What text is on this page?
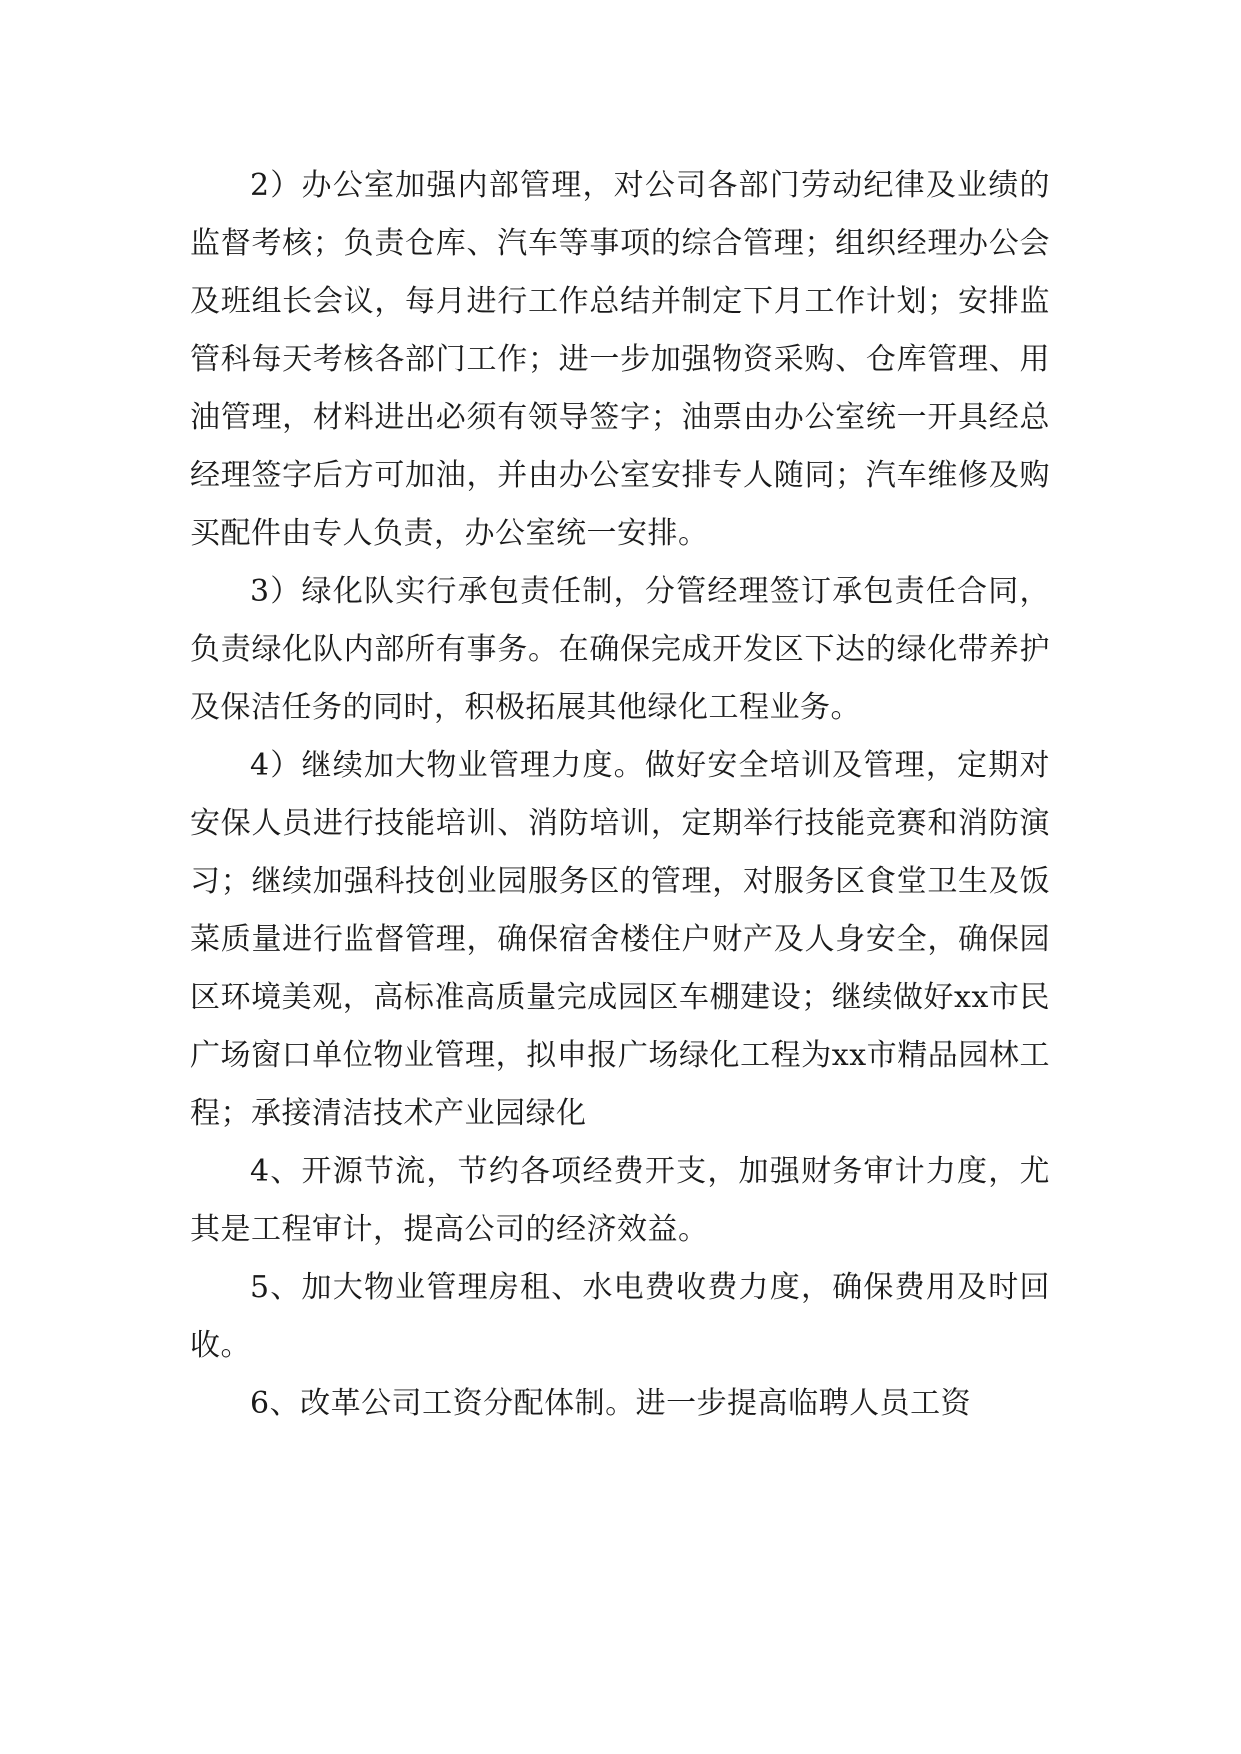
2）办公室加强内部管理，对公司各部门劳动纪律及业绩的监督考核；负责仓库、汽车等事项的综合管理；组织经理办公会及班组长会议，每月进行工作总结并制定下月工作计划；安排监管科每天考核各部门工作；进一步加强物资采购、仓库管理、用油管理，材料进出必须有领导签字；油票由办公室统一开具经总经理签字后方可加油，并由办公室安排专人随同；汽车维修及购买配件由专人负责，办公室统一安排。

3）绿化队实行承包责任制，分管经理签订承包责任合同，负责绿化队内部所有事务。在确保完成开发区下达的绿化带养护及保洁任务的同时，积极拓展其他绿化工程业务。

4）继续加大物业管理力度。做好安全培训及管理，定期对安保人员进行技能培训、消防培训，定期举行技能竞赛和消防演习；继续加强科技创业园服务区的管理，对服务区食堂卫生及饭菜质量进行监督管理，确保宿舍楼住户财产及人身安全，确保园区环境美观，高标准高质量完成园区车棚建设；继续做好xx市民广场窗口单位物业管理，拟申报广场绿化工程为xx市精品园林工程；承接清洁技术产业园绿化

4、开源节流，节约各项经费开支，加强财务审计力度，尤其是工程审计，提高公司的经济效益。

5、加大物业管理房租、水电费收费力度，确保费用及时回收。

6、改革公司工资分配体制。进一步提高临聘人员工资
